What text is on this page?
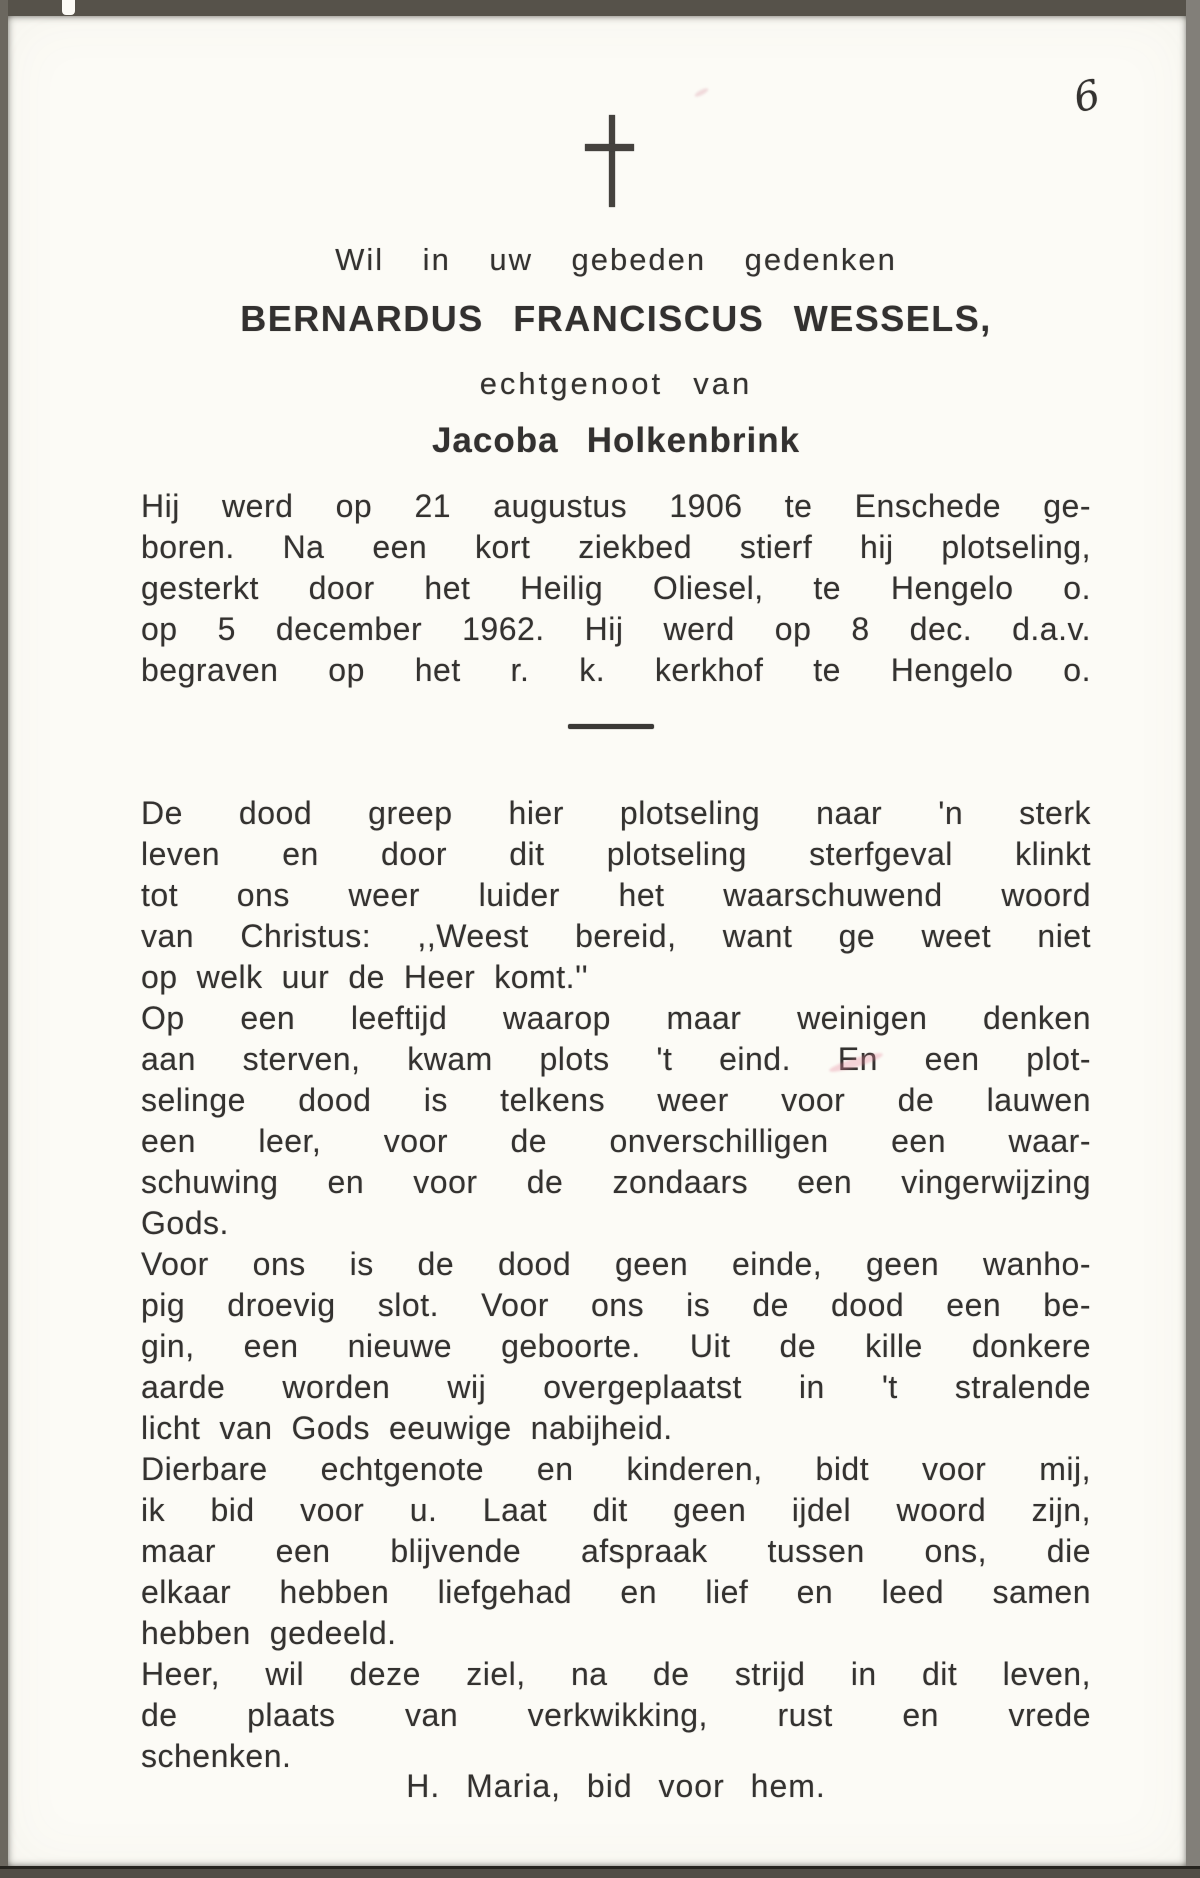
6
Wil in uw gebeden gedenken
BERNARDUS FRANCISCUS WESSELS,
echtgenoot van
Jacoba Holkenbrink
Hij werd op 21 augustus 1906 te Enschede ge-
boren. Na een kort ziekbed stierf hij plotseling,
gesterkt door het Heilig Oliesel, te Hengelo o.
op 5 december 1962. Hij werd op 8 dec. d.a.v.
begraven op het r. k. kerkhof te Hengelo o.
De dood greep hier plotseling naar 'n sterk
leven en door dit plotseling sterfgeval klinkt
tot ons weer luider het waarschuwend woord
van Christus: ,,Weest bereid, want ge weet niet
op welk uur de Heer komt.''
Op een leeftijd waarop maar weinigen denken
aan sterven, kwam plots 't eind. En een plot-
selinge dood is telkens weer voor de lauwen
een leer, voor de onverschilligen een waar-
schuwing en voor de zondaars een vingerwijzing
Gods.
Voor ons is de dood geen einde, geen wanho-
pig droevig slot. Voor ons is de dood een be-
gin, een nieuwe geboorte. Uit de kille donkere
aarde worden wij overgeplaatst in 't stralende
licht van Gods eeuwige nabijheid.
Dierbare echtgenote en kinderen, bidt voor mij,
ik bid voor u. Laat dit geen ijdel woord zijn,
maar een blijvende afspraak tussen ons, die
elkaar hebben liefgehad en lief en leed samen
hebben gedeeld.
Heer, wil deze ziel, na de strijd in dit leven,
de plaats van verkwikking, rust en vrede
schenken.
H. Maria, bid voor hem.
